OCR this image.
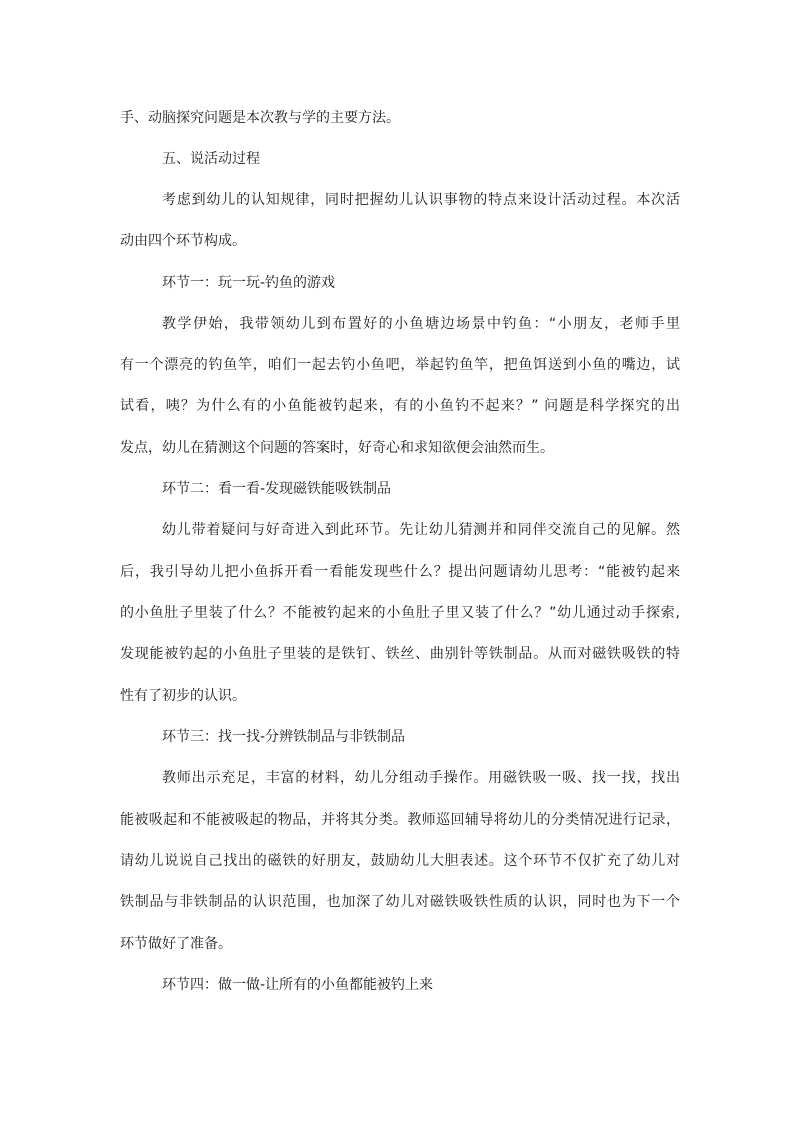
手、动脑探究问题是本次教与学的主要方法。
五、说活动过程
考虑到幼儿的认知规律，同时把握幼儿认识事物的特点来设计活动过程。本次活
动由四个环节构成。
环节一：玩一玩-钓鱼的游戏
教学伊始，我带领幼儿到布置好的小鱼塘边场景中钓鱼：“小朋友，老师手里
有一个漂亮的钓鱼竿，咱们一起去钓小鱼吧，举起钓鱼竿，把鱼饵送到小鱼的嘴边，试
试看，咦？为什么有的小鱼能被钓起来，有的小鱼钓不起来？” 问题是科学探究的出
发点，幼儿在猜测这个问题的答案时，好奇心和求知欲便会油然而生。
环节二：看一看-发现磁铁能吸铁制品
幼儿带着疑问与好奇进入到此环节。先让幼儿猜测并和同伴交流自己的见解。然
后，我引导幼儿把小鱼拆开看一看能发现些什么？提出问题请幼儿思考：“能被钓起来
的小鱼肚子里装了什么？不能被钓起来的小鱼肚子里又装了什么？”幼儿通过动手探索,
发现能被钓起的小鱼肚子里装的是铁钉、铁丝、曲别针等铁制品。从而对磁铁吸铁的特
性有了初步的认识。
环节三：找一找-分辨铁制品与非铁制品
教师出示充足，丰富的材料，幼儿分组动手操作。用磁铁吸一吸、找一找，找出
能被吸起和不能被吸起的物品，并将其分类。教师巡回辅导将幼儿的分类情况进行记录，
请幼儿说说自己找出的磁铁的好朋友，鼓励幼儿大胆表述。这个环节不仅扩充了幼儿对
铁制品与非铁制品的认识范围，也加深了幼儿对磁铁吸铁性质的认识，同时也为下一个
环节做好了准备。
环节四：做一做-让所有的小鱼都能被钓上来
